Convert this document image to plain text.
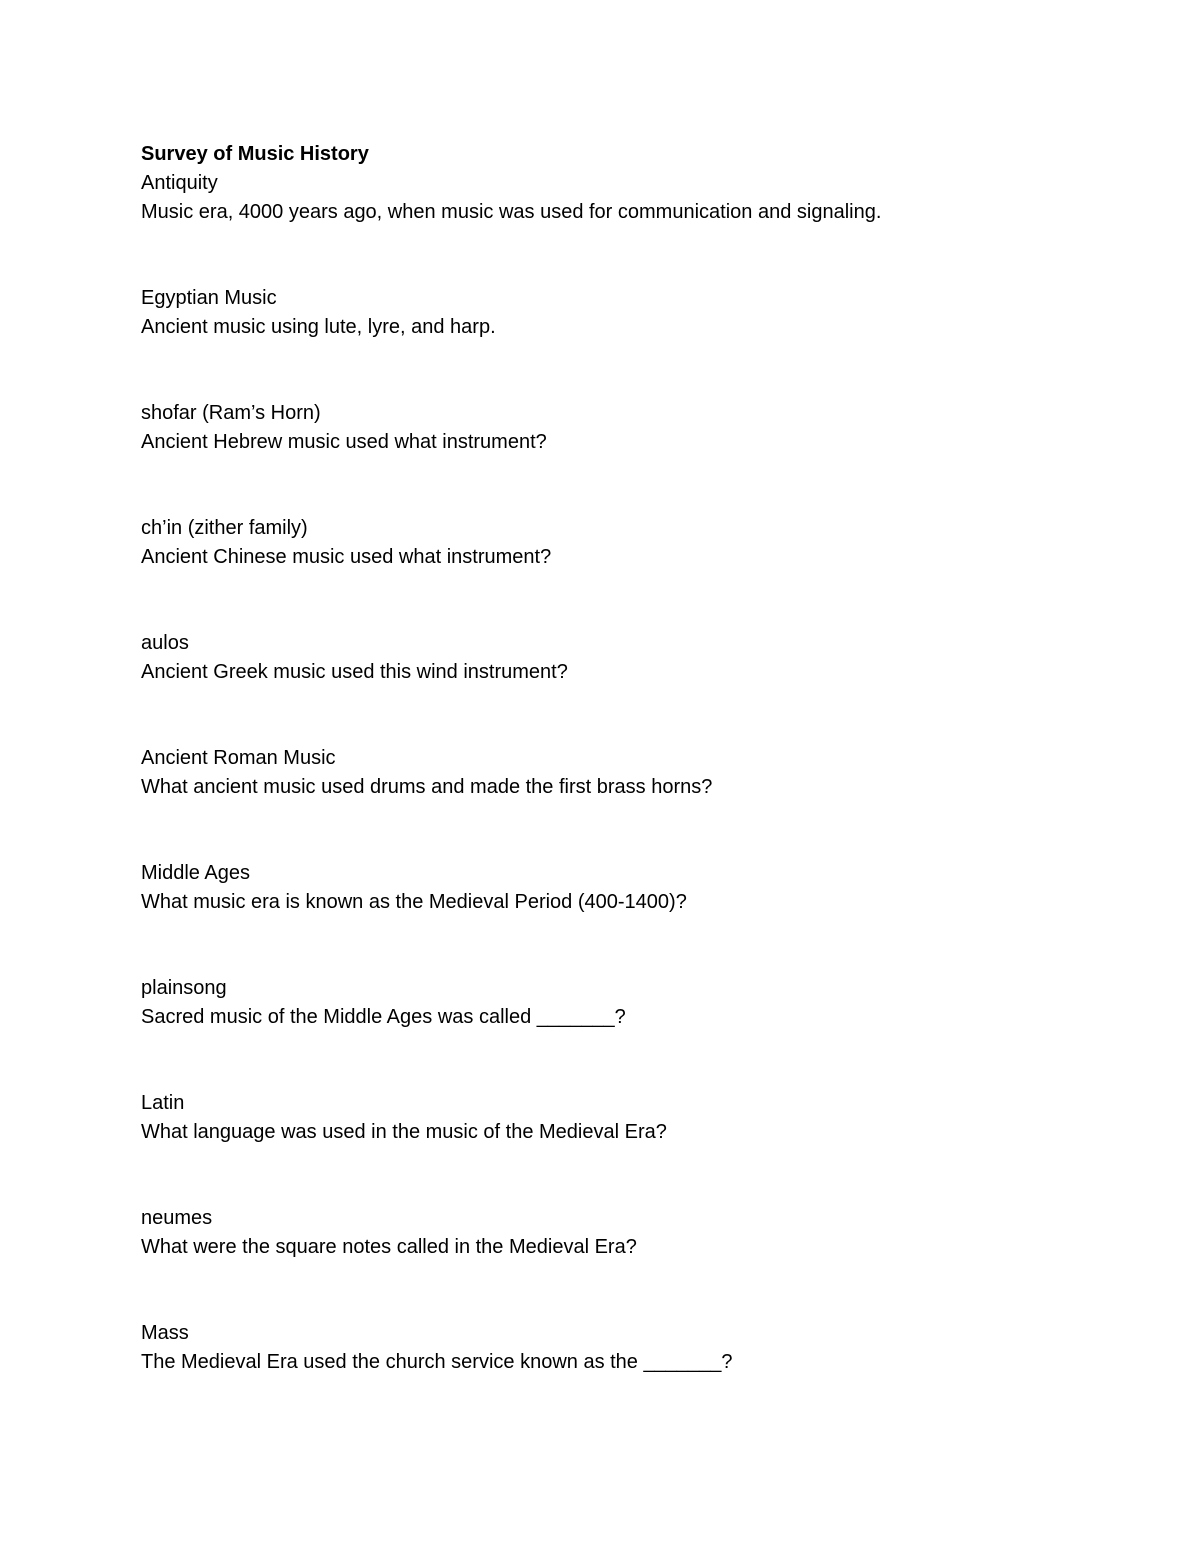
Survey of Music History

Antiquity

Music era, 4000 years ago, when music was used for communication and signaling.

Egyptian Music

Ancient music using lute, lyre, and harp.

shofar (Ram’s Horn)

Ancient Hebrew music used what instrument?

ch’in (zither family)

Ancient Chinese music used what instrument?

aulos

Ancient Greek music used this wind instrument?

Ancient Roman Music

What ancient music used drums and made the first brass horns?

Middle Ages

What music era is known as the Medieval Period (400-1400)?

plainsong

Sacred music of the Middle Ages was called _______?

Latin

What language was used in the music of the Medieval Era?

neumes

What were the square notes called in the Medieval Era?

Mass

The Medieval Era used the church service known as the _______?
